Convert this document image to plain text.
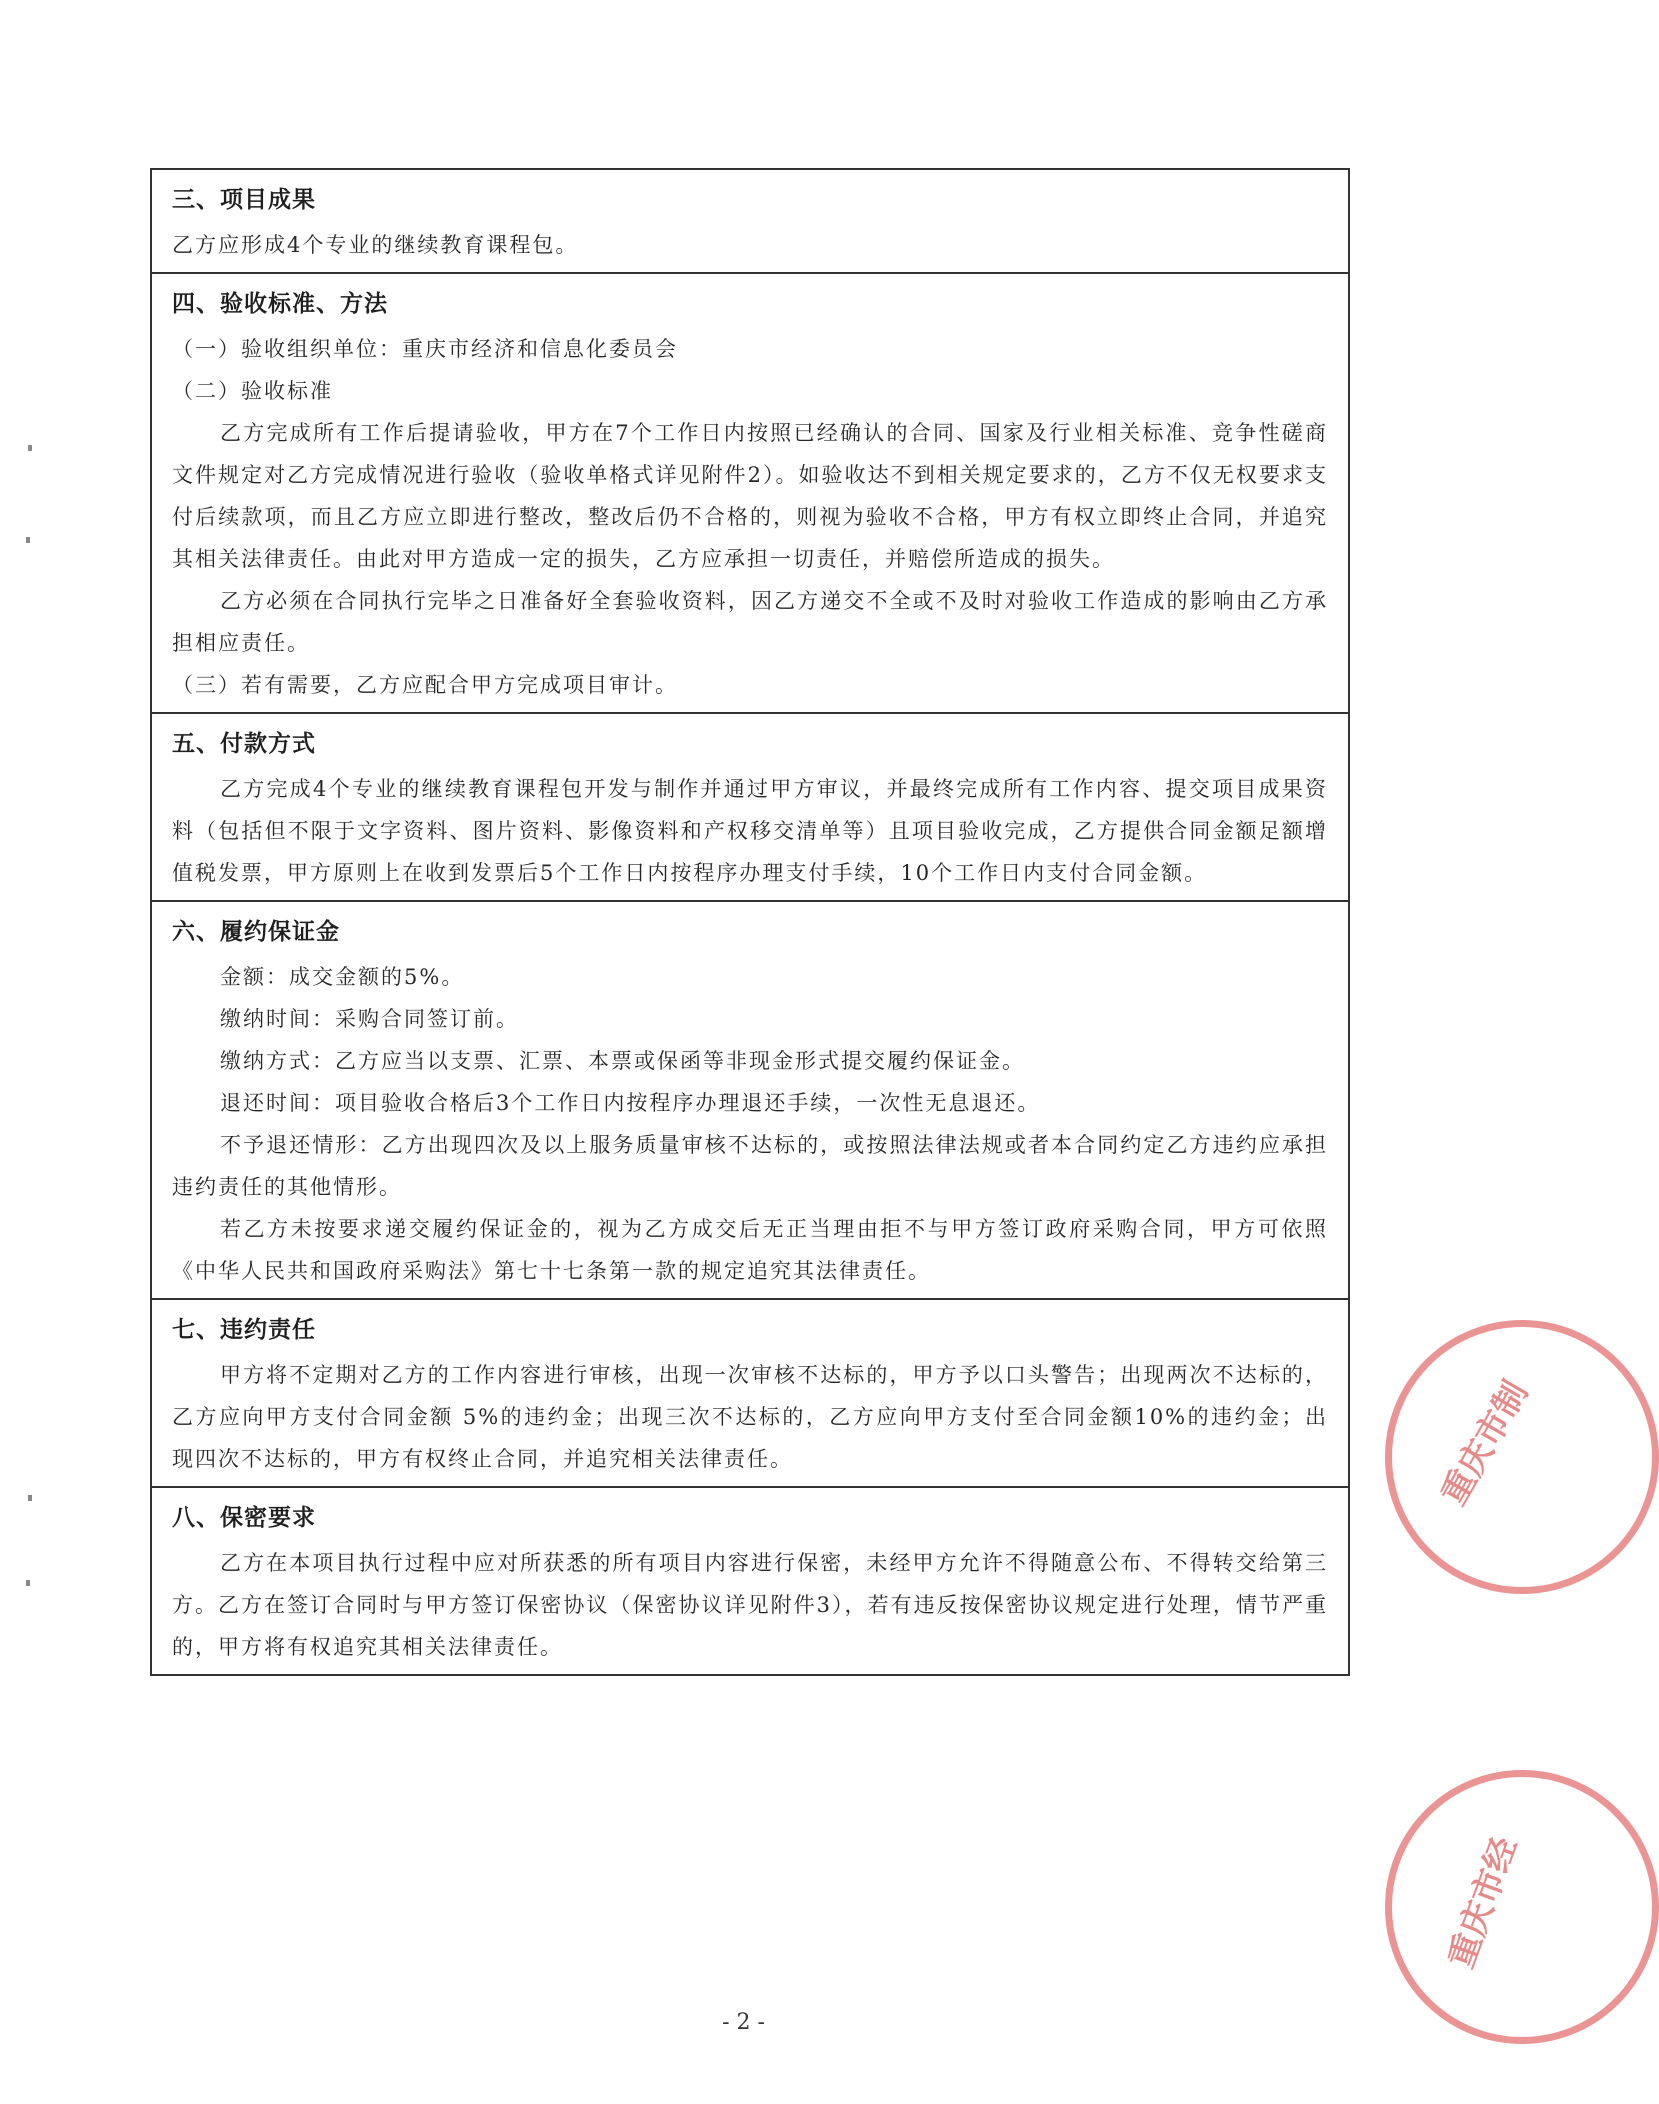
三、项目成果

乙方应形成4个专业的继续教育课程包。

四、验收标准、方法

（一）验收组织单位：重庆市经济和信息化委员会

（二）验收标准

乙方完成所有工作后提请验收，甲方在7个工作日内按照已经确认的合同、国家及行业相关标准、竞争性磋商文件规定对乙方完成情况进行验收（验收单格式详见附件2）。如验收达不到相关规定要求的，乙方不仅无权要求支付后续款项，而且乙方应立即进行整改，整改后仍不合格的，则视为验收不合格，甲方有权立即终止合同，并追究其相关法律责任。由此对甲方造成一定的损失，乙方应承担一切责任，并赔偿所造成的损失。

乙方必须在合同执行完毕之日准备好全套验收资料，因乙方递交不全或不及时对验收工作造成的影响由乙方承担相应责任。

（三）若有需要，乙方应配合甲方完成项目审计。

五、付款方式

乙方完成4个专业的继续教育课程包开发与制作并通过甲方审议，并最终完成所有工作内容、提交项目成果资料（包括但不限于文字资料、图片资料、影像资料和产权移交清单等）且项目验收完成，乙方提供合同金额足额增值税发票，甲方原则上在收到发票后5个工作日内按程序办理支付手续，10个工作日内支付合同金额。

六、履约保证金

金额：成交金额的5%。

缴纳时间：采购合同签订前。

缴纳方式：乙方应当以支票、汇票、本票或保函等非现金形式提交履约保证金。

退还时间：项目验收合格后3个工作日内按程序办理退还手续，一次性无息退还。

不予退还情形：乙方出现四次及以上服务质量审核不达标的，或按照法律法规或者本合同约定乙方违约应承担违约责任的其他情形。

若乙方未按要求递交履约保证金的，视为乙方成交后无正当理由拒不与甲方签订政府采购合同，甲方可依照《中华人民共和国政府采购法》第七十七条第一款的规定追究其法律责任。

七、违约责任

甲方将不定期对乙方的工作内容进行审核，出现一次审核不达标的，甲方予以口头警告；出现两次不达标的，乙方应向甲方支付合同金额 5%的违约金；出现三次不达标的，乙方应向甲方支付至合同金额10%的违约金；出现四次不达标的，甲方有权终止合同，并追究相关法律责任。

八、保密要求

乙方在本项目执行过程中应对所获悉的所有项目内容进行保密，未经甲方允许不得随意公布、不得转交给第三方。乙方在签订合同时与甲方签订保密协议（保密协议详见附件3），若有违反按保密协议规定进行处理，情节严重的，甲方将有权追究其相关法律责任。

- 2 -
重庆市制
重庆市经
